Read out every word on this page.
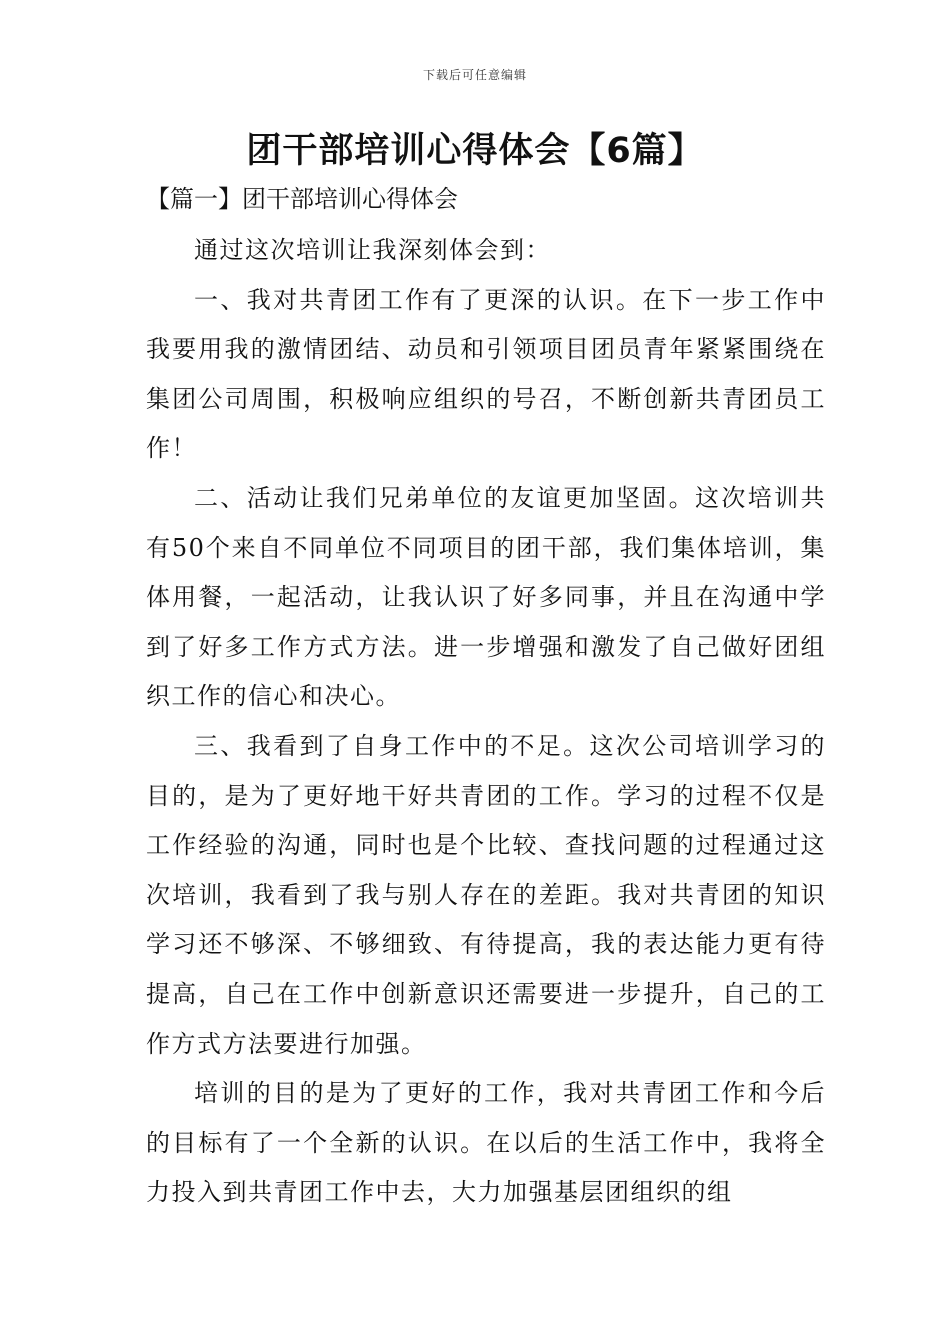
下载后可任意编辑
团干部培训心得体会【6篇】
【篇一】团干部培训心得体会

通过这次培训让我深刻体会到：

一、我对共青团工作有了更深的认识。在下一步工作中我要用我的激情团结、动员和引领项目团员青年紧紧围绕在集团公司周围，积极响应组织的号召，不断创新共青团员工作！

二、活动让我们兄弟单位的友谊更加坚固。这次培训共有50个来自不同单位不同项目的团干部，我们集体培训，集体用餐，一起活动，让我认识了好多同事，并且在沟通中学到了好多工作方式方法。进一步增强和激发了自己做好团组织工作的信心和决心。

三、我看到了自身工作中的不足。这次公司培训学习的目的，是为了更好地干好共青团的工作。学习的过程不仅是工作经验的沟通，同时也是个比较、查找问题的过程通过这次培训，我看到了我与别人存在的差距。我对共青团的知识学习还不够深、不够细致、有待提高，我的表达能力更有待提高，自己在工作中创新意识还需要进一步提升，自己的工作方式方法要进行加强。

培训的目的是为了更好的工作，我对共青团工作和今后的目标有了一个全新的认识。在以后的生活工作中，我将全力投入到共青团工作中去，大力加强基层团组织的组
